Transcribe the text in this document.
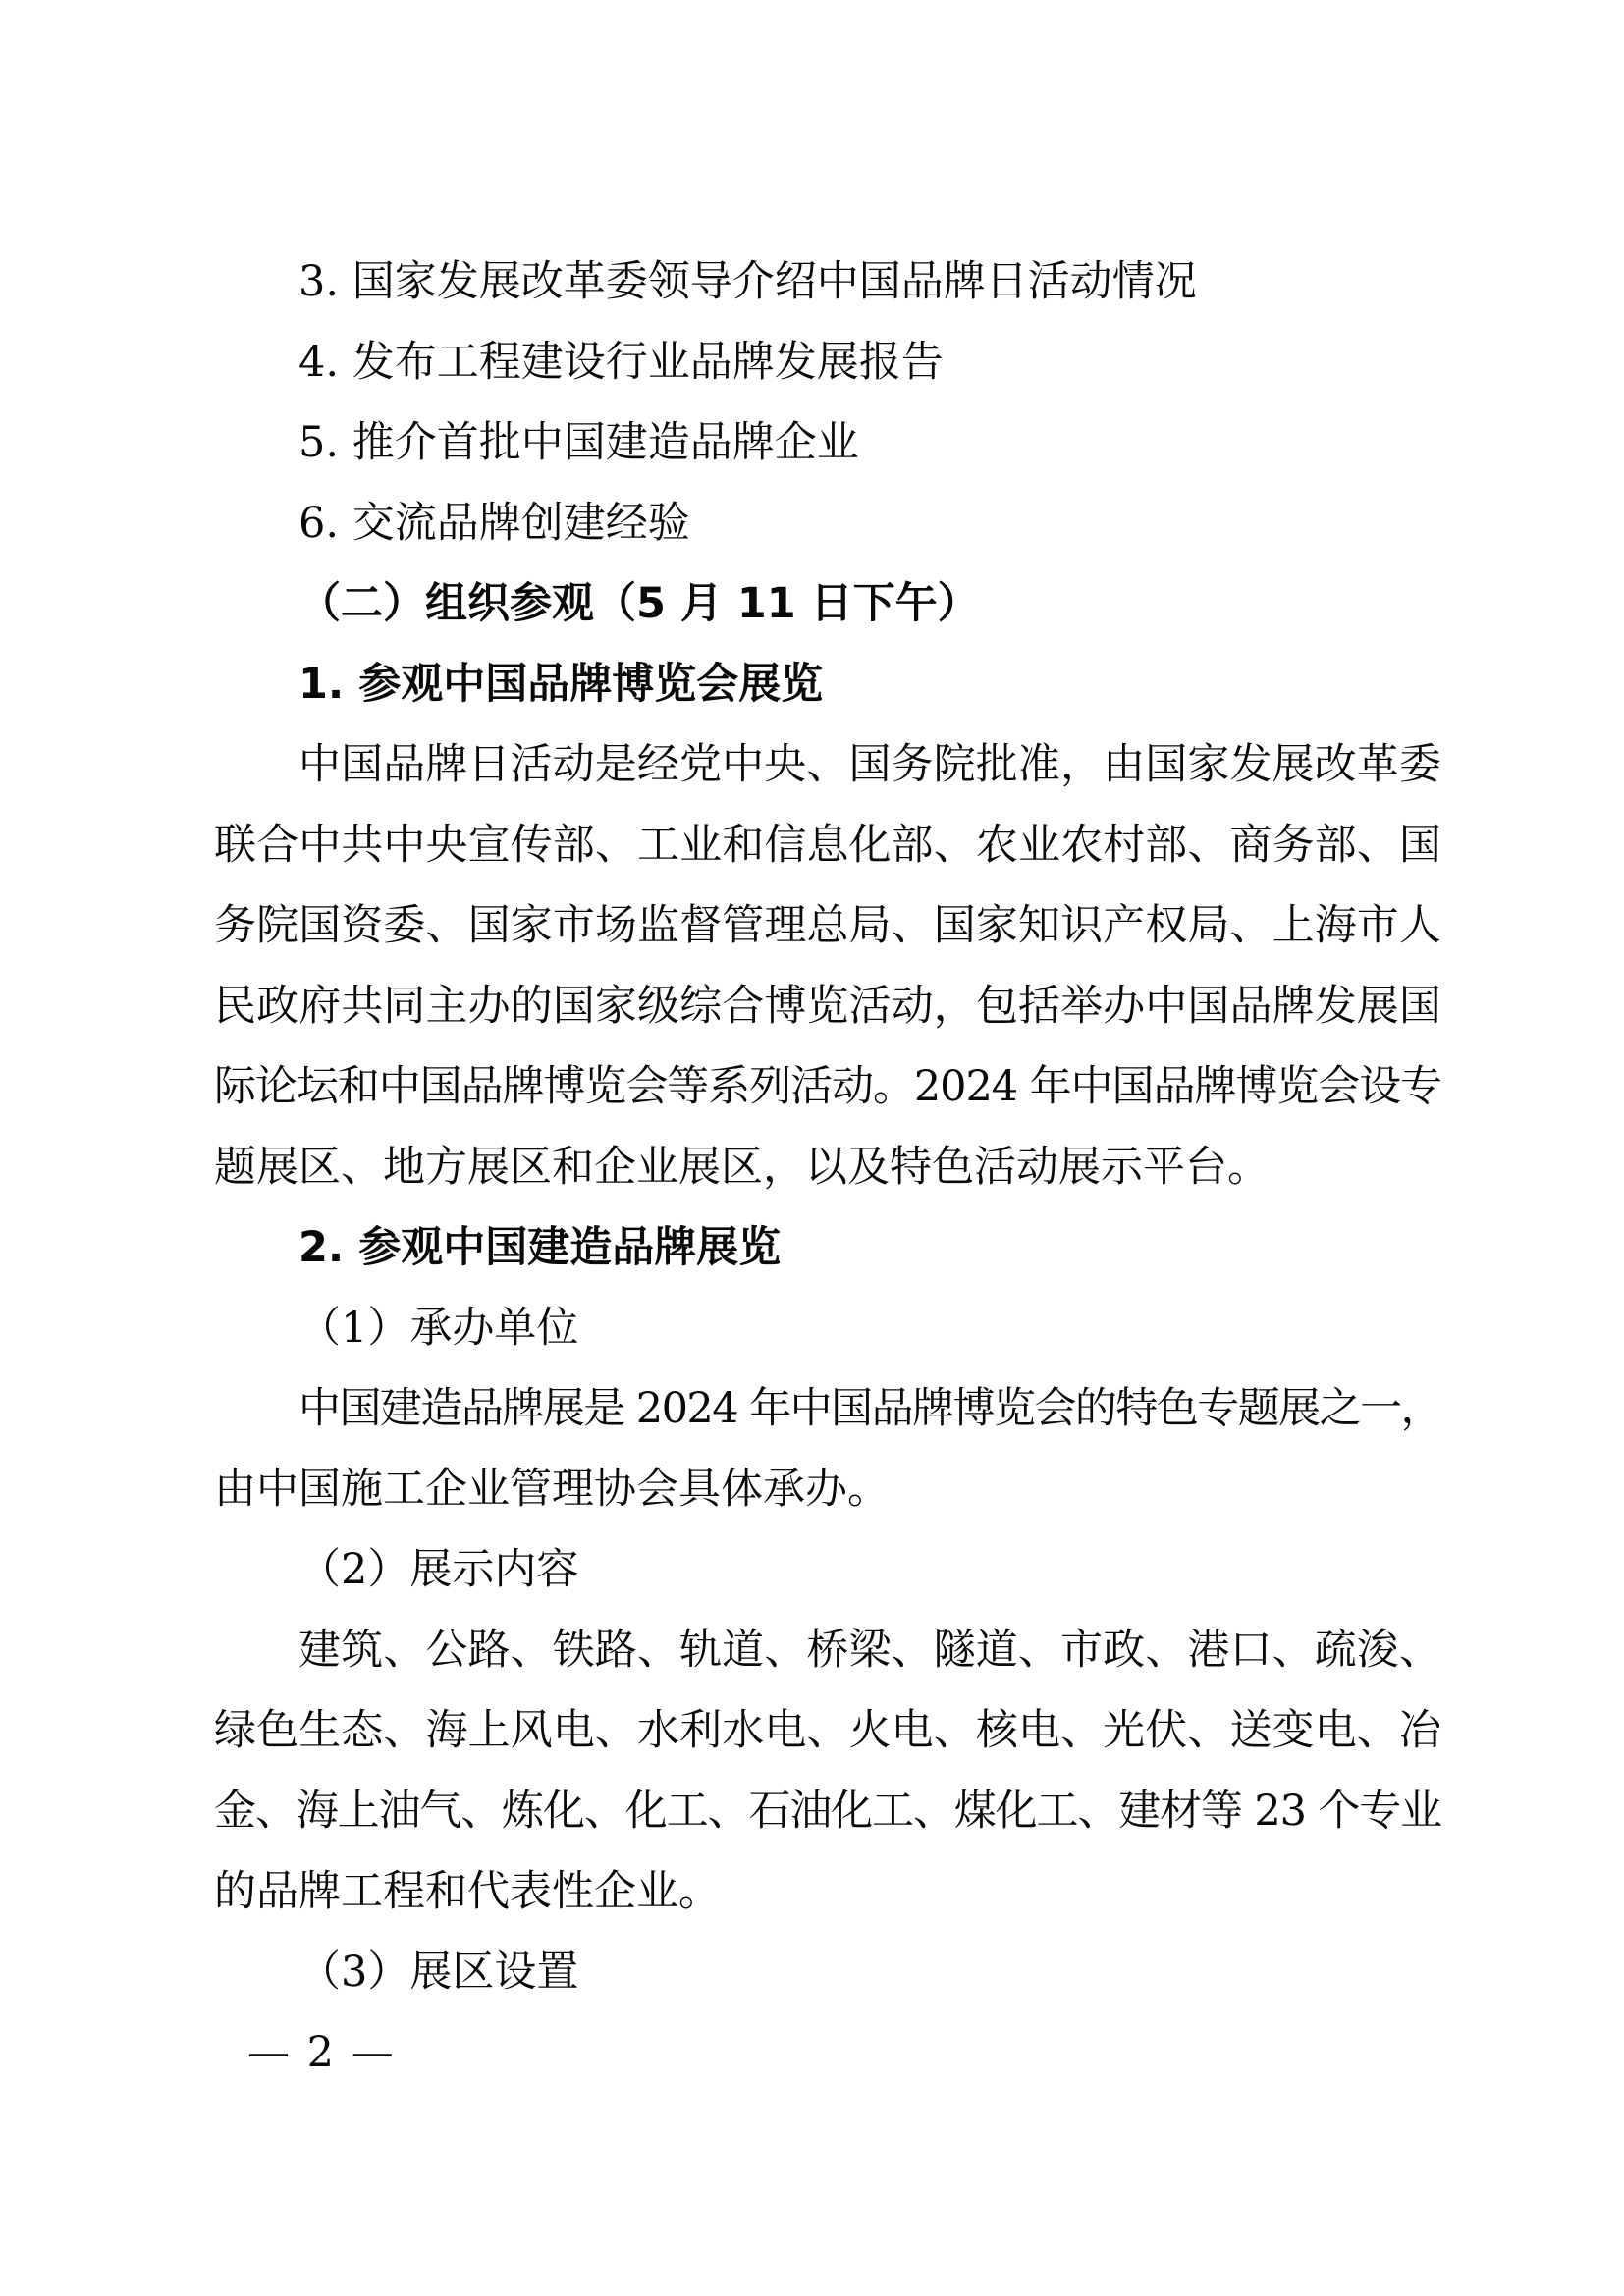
3. 国家发展改革委领导介绍中国品牌日活动情况
4. 发布工程建设行业品牌发展报告
5. 推介首批中国建造品牌企业
6. 交流品牌创建经验
（二）组织参观（5 月 11 日下午）
1. 参观中国品牌博览会展览
中国品牌日活动是经党中央、国务院批准，由国家发展改革委
联合中共中央宣传部、工业和信息化部、农业农村部、商务部、国
务院国资委、国家市场监督管理总局、国家知识产权局、上海市人
民政府共同主办的国家级综合博览活动，包括举办中国品牌发展国
际论坛和中国品牌博览会等系列活动。2024 年中国品牌博览会设专
题展区、地方展区和企业展区，以及特色活动展示平台。
2. 参观中国建造品牌展览
（1）承办单位
中国建造品牌展是 2024 年中国品牌博览会的特色专题展之一，
由中国施工企业管理协会具体承办。
（2）展示内容
建筑、公路、铁路、轨道、桥梁、隧道、市政、港口、疏浚、
绿色生态、海上风电、水利水电、火电、核电、光伏、送变电、冶
金、海上油气、炼化、化工、石油化工、煤化工、建材等 23 个专业
的品牌工程和代表性企业。
（3）展区设置
— 2 —
